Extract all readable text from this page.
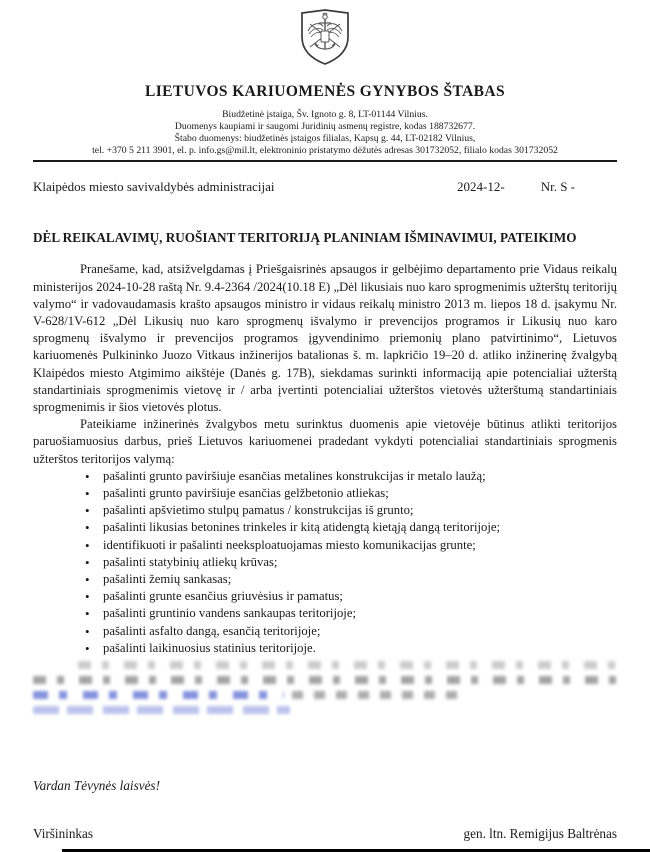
LIETUVOS KARIUOMENĖS GYNYBOS ŠTABAS
Biudžetinė įstaiga, Šv. Ignoto g. 8, LT-01144 Vilnius.
Duomenys kaupiami ir saugomi Juridinių asmenų registre, kodas 188732677.
Štabo duomenys: biudžetinės įstaigos filialas, Kapsų g. 44, LT-02182 Vilnius,
tel. +370 5 211 3901, el. p. info.gs@mil.lt, elektroninio pristatymo dėžutės adresas 301732052, filialo kodas 301732052
Klaipėdos miesto savivaldybės administracijai	2024-12-	Nr. S -
DĖL REIKALAVIMŲ, RUOŠIANT TERITORIJĄ PLANINIAM IŠMINAVIMUI, PATEIKIMO

Pranešame, kad, atsižvelgdamas į Priešgaisrinės apsaugos ir gelbėjimo departamento prie Vidaus reikalų ministerijos 2024-10-28 raštą Nr. 9.4-2364 /2024(10.18 E) „Dėl likusiais nuo karo sprogmenimis užterštų teritorijų valymo“ ir vadovaudamasis krašto apsaugos ministro ir vidaus reikalų ministro 2013 m. liepos 18 d. įsakymu Nr. V-628/1V-612 „Dėl Likusių nuo karo sprogmenų išvalymo ir prevencijos programos ir Likusių nuo karo sprogmenų išvalymo ir prevencijos programos įgyvendinimo priemonių plano patvirtinimo“, Lietuvos kariuomenės Pulkininko Juozo Vitkaus inžinerijos batalionas š. m. lapkričio 19–20 d. atliko inžinerinę žvalgybą Klaipėdos miesto Atgimimo aikštėje (Danės g. 17B), siekdamas surinkti informaciją apie potencialiai užterštą standartiniais sprogmenimis vietovę ir / arba įvertinti potencialiai užterštos vietovės užterštumą standartiniais sprogmenimis ir šios vietovės plotus.

Pateikiame inžinerinės žvalgybos metu surinktus duomenis apie vietovėje būtinus atlikti teritorijos paruošiamuosius darbus, prieš Lietuvos kariuomenei pradedant vykdyti potencialiai standartiniais sprogmenis užterštos teritorijos valymą:

• pašalinti grunto paviršiuje esančias metalines konstrukcijas ir metalo laužą;
• pašalinti grunto paviršiuje esančias gelžbetonio atliekas;
• pašalinti apšvietimo stulpų pamatus / konstrukcijas iš grunto;
• pašalinti likusias betonines trinkeles ir kitą atidengtą kietąją dangą teritorijoje;
• identifikuoti ir pašalinti neeksploatuojamas miesto komunikacijas grunte;
• pašalinti statybinių atliekų krūvas;
• pašalinti žemių sankasas;
• pašalinti grunte esančius griuvėsius ir pamatus;
• pašalinti gruntinio vandens sankaupas teritorijoje;
• pašalinti asfalto dangą, esančią teritorijoje;
• pašalinti laikinuosius statinius teritorijoje.
Vardan Tėvynės laisvės!
Viršininkas	gen. ltn. Remigijus Baltrėnas
